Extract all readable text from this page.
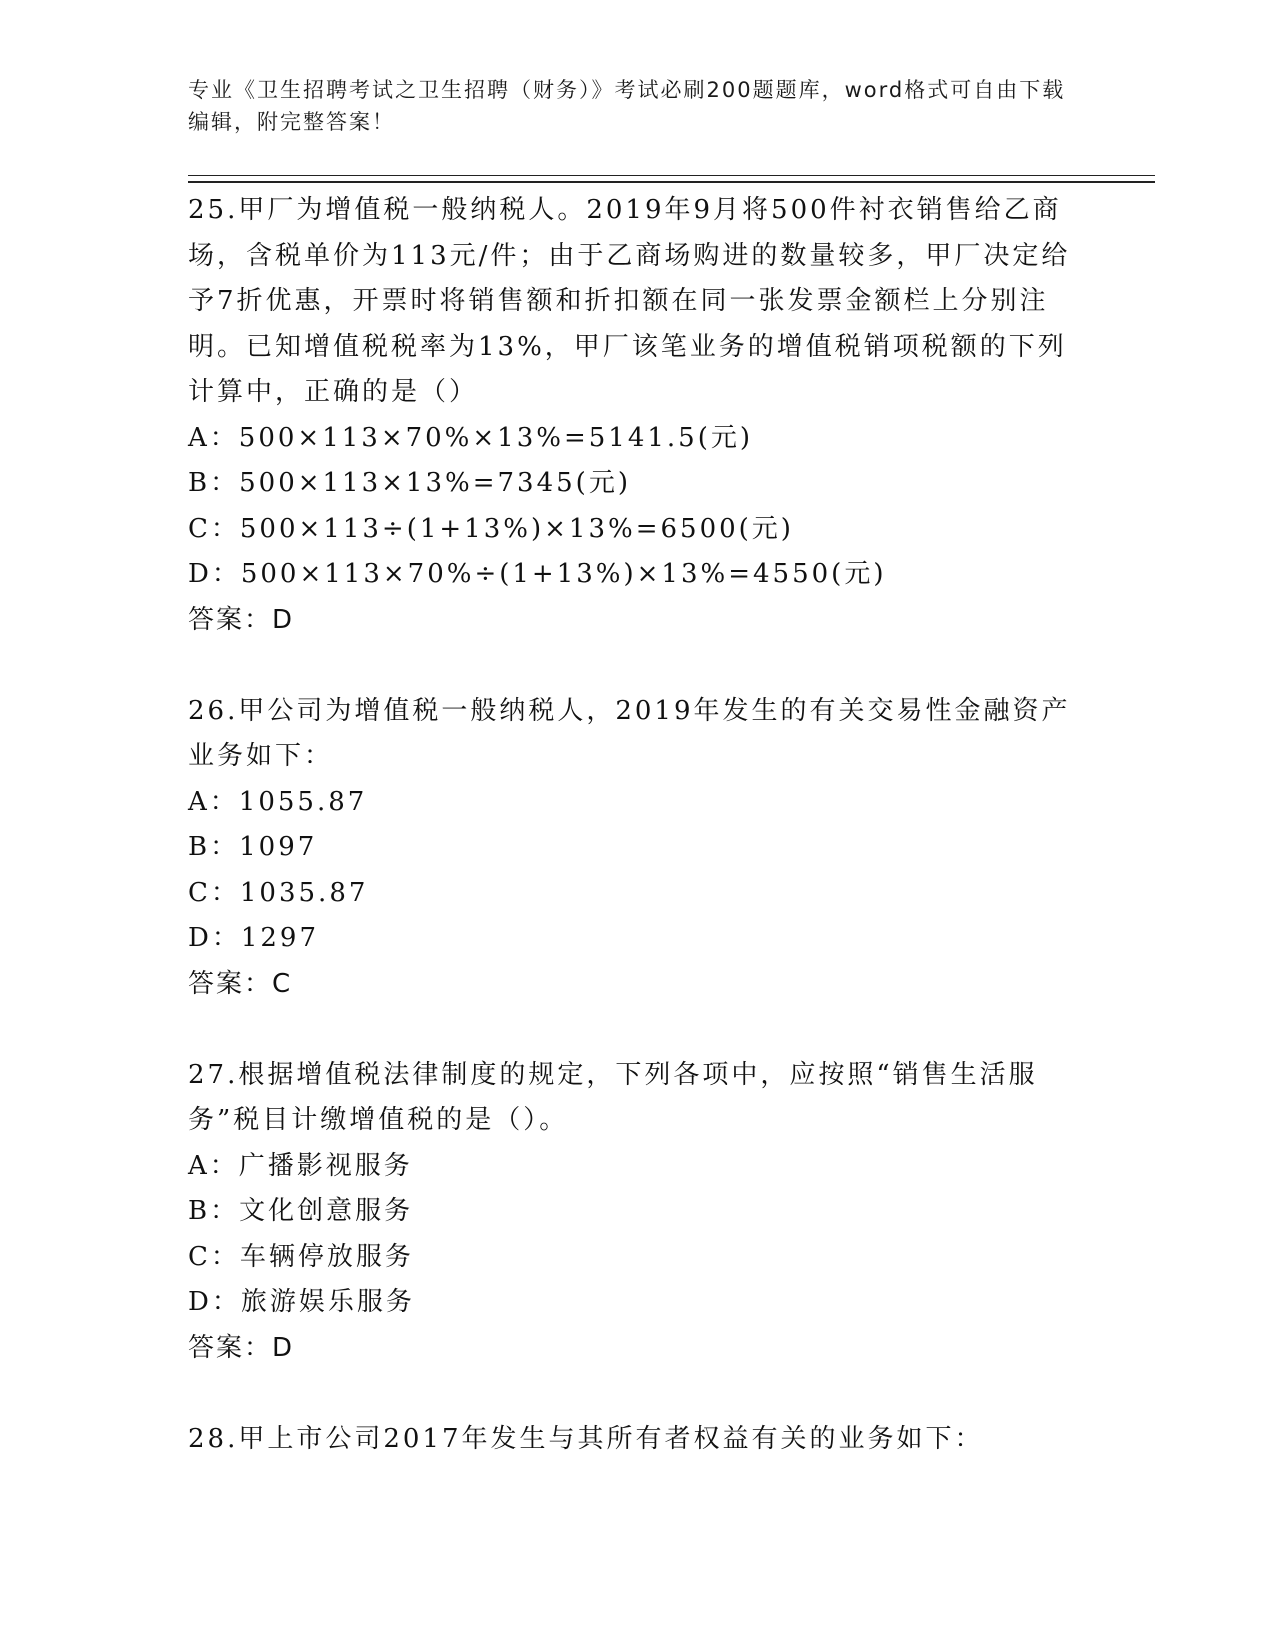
专业《卫生招聘考试之卫生招聘（财务）》考试必刷200题题库，word格式可自由下载编辑，附完整答案！

25.甲厂为增值税一般纳税人。2019年9月将500件衬衣销售给乙商场，含税单价为113元/件；由于乙商场购进的数量较多，甲厂决定给予7折优惠，开票时将销售额和折扣额在同一张发票金额栏上分别注明。已知增值税税率为13%，甲厂该笔业务的增值税销项税额的下列计算中，正确的是（）

A：500×113×70%×13%=5141.5(元)

B：500×113×13%=7345(元)

C：500×113÷(1+13%)×13%=6500(元)

D：500×113×70%÷(1+13%)×13%=4550(元)

答案：D

26.甲公司为增值税一般纳税人，2019年发生的有关交易性金融资产业务如下：

A：1055.87

B：1097

C：1035.87

D：1297

答案：C

27.根据增值税法律制度的规定，下列各项中，应按照“销售生活服务”税目计缴增值税的是（）。

A：广播影视服务

B：文化创意服务

C：车辆停放服务

D：旅游娱乐服务

答案：D

28.甲上市公司2017年发生与其所有者权益有关的业务如下：
